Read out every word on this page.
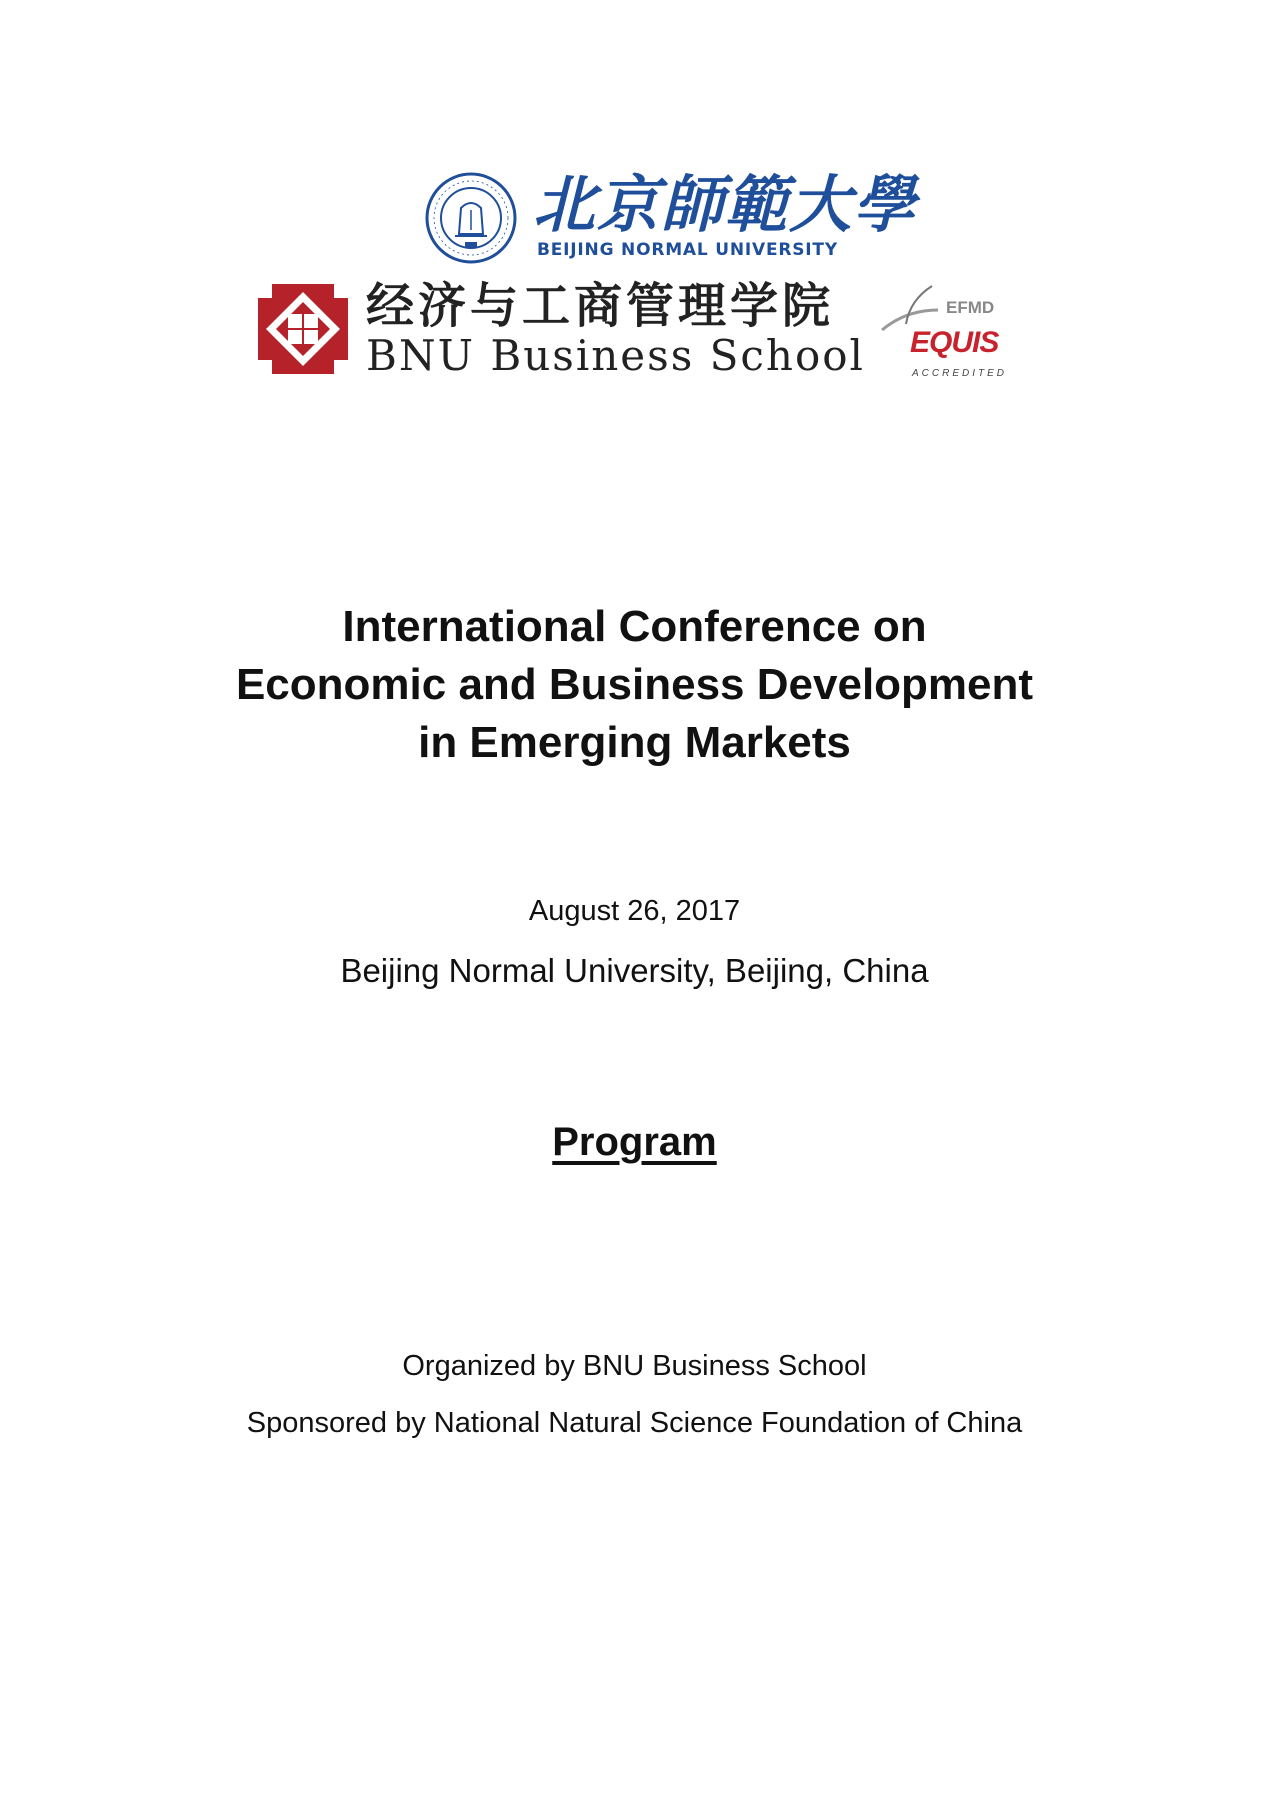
北京師範大學
BEIJING NORMAL UNIVERSITY
经济与工商管理学院
BNU Business School
EFMD
EQUIS
ACCREDITED
International Conference on
Economic and Business Development
in Emerging Markets
August 26, 2017
Beijing Normal University, Beijing, China
Program
Organized by BNU Business School
Sponsored by National Natural Science Foundation of China
